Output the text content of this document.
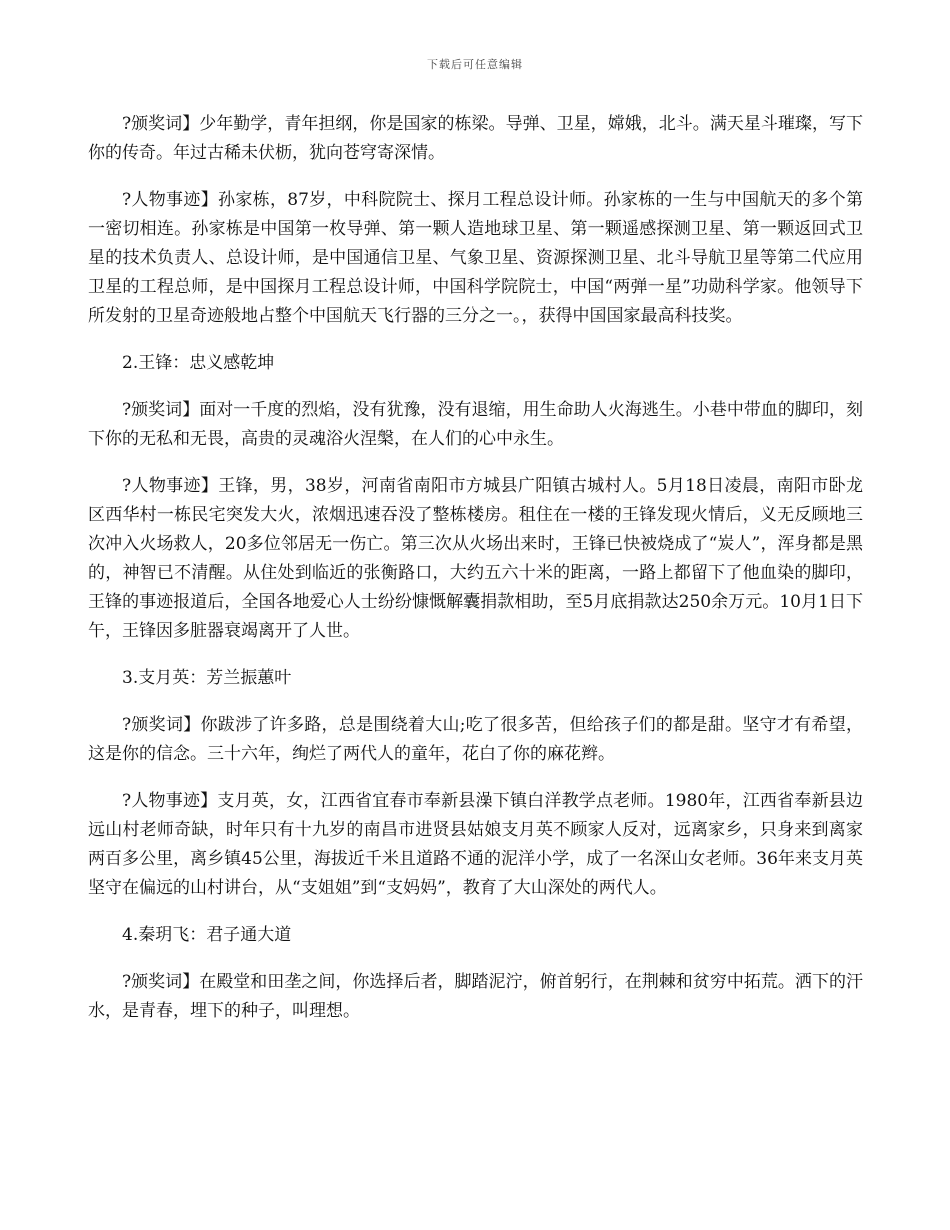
下载后可任意编辑

?颁奖词】少年勤学，青年担纲，你是国家的栋梁。导弹、卫星，嫦娥，北斗。满天星斗璀璨，写下你的传奇。年过古稀未伏枥，犹向苍穹寄深情。

?人物事迹】孙家栋，87岁，中科院院士、探月工程总设计师。孙家栋的一生与中国航天的多个第一密切相连。孙家栋是中国第一枚导弹、第一颗人造地球卫星、第一颗遥感探测卫星、第一颗返回式卫星的技术负责人、总设计师，是中国通信卫星、气象卫星、资源探测卫星、北斗导航卫星等第二代应用卫星的工程总师，是中国探月工程总设计师，中国科学院院士，中国“两弹一星”功勋科学家。他领导下所发射的卫星奇迹般地占整个中国航天飞行器的三分之一。，获得中国国家最高科技奖。

2.王锋：忠义感乾坤

?颁奖词】面对一千度的烈焰，没有犹豫，没有退缩，用生命助人火海逃生。小巷中带血的脚印，刻下你的无私和无畏，高贵的灵魂浴火涅槃，在人们的心中永生。

?人物事迹】王锋，男，38岁，河南省南阳市方城县广阳镇古城村人。5月18日凌晨，南阳市卧龙区西华村一栋民宅突发大火，浓烟迅速吞没了整栋楼房。租住在一楼的王锋发现火情后，义无反顾地三次冲入火场救人，20多位邻居无一伤亡。第三次从火场出来时，王锋已快被烧成了“炭人”，浑身都是黑的，神智已不清醒。从住处到临近的张衡路口，大约五六十米的距离，一路上都留下了他血染的脚印，王锋的事迹报道后，全国各地爱心人士纷纷慷慨解囊捐款相助，至5月底捐款达250余万元。10月1日下午，王锋因多脏器衰竭离开了人世。

3.支月英：芳兰振蕙叶

?颁奖词】你跋涉了许多路，总是围绕着大山;吃了很多苦，但给孩子们的都是甜。坚守才有希望，这是你的信念。三十六年，绚烂了两代人的童年，花白了你的麻花辫。

?人物事迹】支月英，女，江西省宜春市奉新县澡下镇白洋教学点老师。1980年，江西省奉新县边远山村老师奇缺，时年只有十九岁的南昌市进贤县姑娘支月英不顾家人反对，远离家乡，只身来到离家两百多公里，离乡镇45公里，海拔近千米且道路不通的泥洋小学，成了一名深山女老师。36年来支月英坚守在偏远的山村讲台，从“支姐姐”到“支妈妈”，教育了大山深处的两代人。

4.秦玥飞：君子通大道

?颁奖词】在殿堂和田垄之间，你选择后者，脚踏泥泞，俯首躬行，在荆棘和贫穷中拓荒。洒下的汗水，是青春，埋下的种子，叫理想。
